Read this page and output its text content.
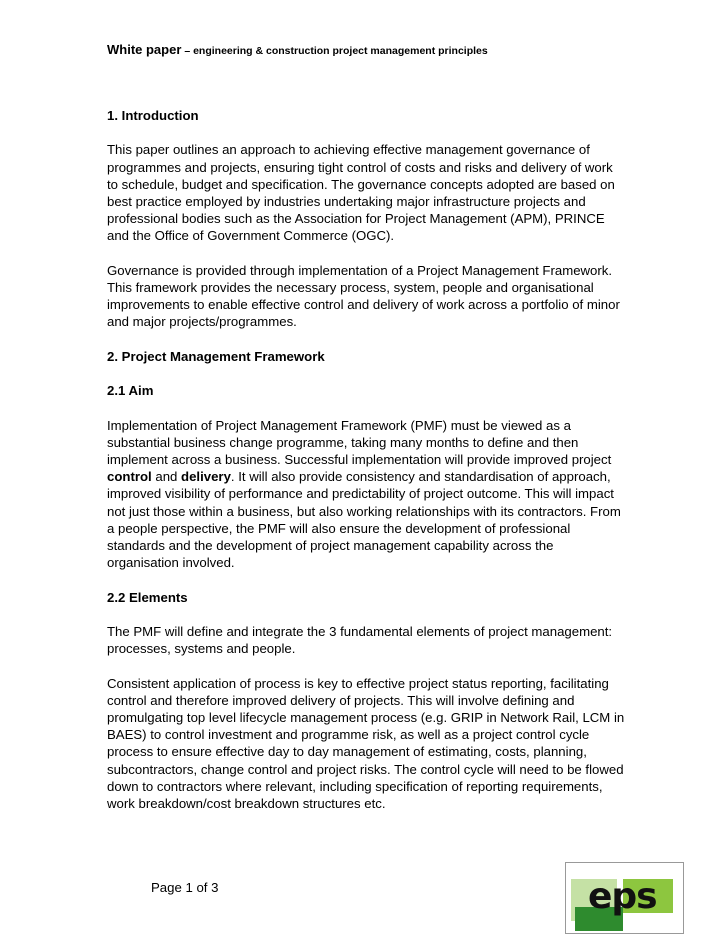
White paper – engineering & construction project management principles
1. Introduction

This paper outlines an approach to achieving effective management governance of programmes and projects, ensuring tight control of costs and risks and delivery of work to schedule, budget and specification. The governance concepts adopted are based on best practice employed by industries undertaking major infrastructure projects and professional bodies such as the Association for Project Management (APM), PRINCE and the Office of Government Commerce (OGC).

Governance is provided through implementation of a Project Management Framework. This framework provides the necessary process, system, people and organisational improvements to enable effective control and delivery of work across a portfolio of minor and major projects/programmes.

2. Project Management Framework
2.1 Aim

Implementation of Project Management Framework (PMF) must be viewed as a substantial business change programme, taking many months to define and then implement across a business. Successful implementation will provide improved project control and delivery. It will also provide consistency and standardisation of approach, improved visibility of performance and predictability of project outcome. This will impact not just those within a business, but also working relationships with its contractors. From a people perspective, the PMF will also ensure the development of professional standards and the development of project management capability across the organisation involved.

2.2 Elements

The PMF will define and integrate the 3 fundamental elements of project management: processes, systems and people.

Consistent application of process is key to effective project status reporting, facilitating control and therefore improved delivery of projects. This will involve defining and promulgating top level lifecycle management process (e.g. GRIP in Network Rail, LCM in BAES) to control investment and programme risk, as well as a project control cycle process to ensure effective day to day management of estimating, costs, planning, subcontractors, change control and project risks. The control cycle will need to be flowed down to contractors where relevant, including specification of reporting requirements, work breakdown/cost breakdown structures etc.

Page 1 of 3	eps
